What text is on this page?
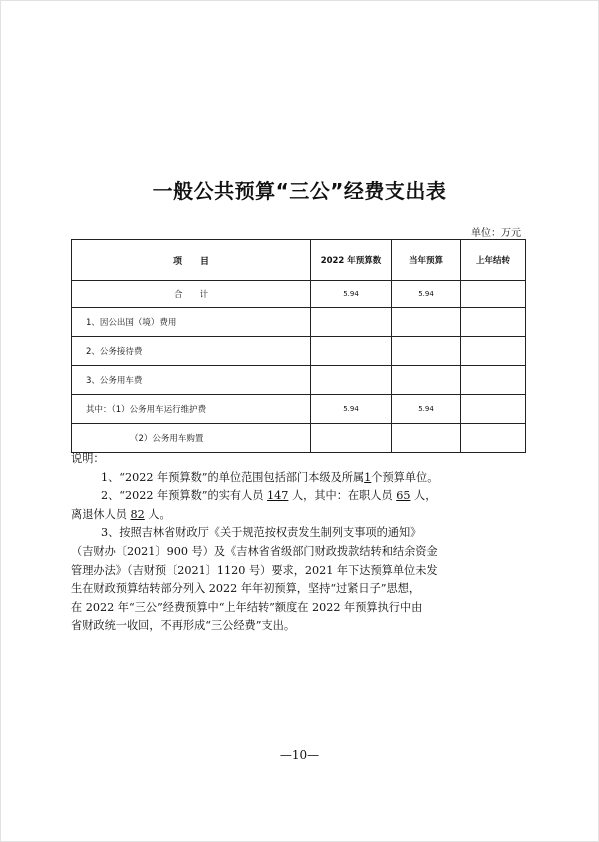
一般公共预算“三公”经费支出表
单位：万元
项　　目	2022 年预算数	当年预算	上年结转
合　　计	5.94	5.94	
1、因公出国（境）费用			
2、公务接待费			
3、公务用车费			
其中：（1）公务用车运行维护费	5.94	5.94	
（2）公务用车购置			

说明：

1、“2022 年预算数”的单位范围包括部门本级及所属1个预算单位。

2、“2022 年预算数”的实有人员 147 人，其中：在职人员 65 人，

离退休人员 82 人。

3、按照吉林省财政厅《关于规范按权责发生制列支事项的通知》

（吉财办〔2021〕900 号）及《吉林省省级部门财政拨款结转和结余资金

管理办法》（吉财预〔2021〕1120 号）要求，2021 年下达预算单位未发

生在财政预算结转部分列入 2022 年年初预算，坚持“过紧日子”思想，

在 2022 年“三公”经费预算中“上年结转”额度在 2022 年预算执行中由

省财政统一收回，不再形成“三公经费”支出。

—10—
